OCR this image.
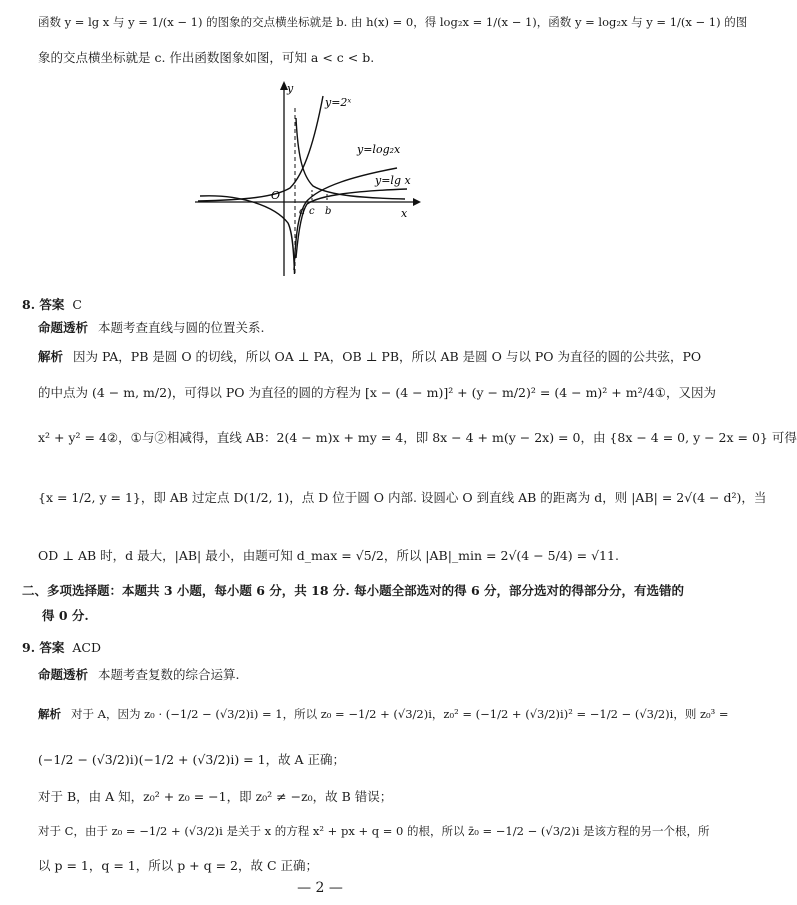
函数 y = lg x 与 y = 1/(x − 1) 的图象的交点横坐标就是 b. 由 h(x) = 0，得 log₂x = 1/(x − 1)，函数 y = log₂x 与 y = 1/(x − 1) 的图
象的交点横坐标就是 c. 作出函数图象如图，可知 a < c < b.
y
x
O
y=2ˣ
y=log₂x
y=lg x
a c b
8. 答案 C
命题透析 本题考查直线与圆的位置关系.
解析 因为 PA，PB 是圆 O 的切线，所以 OA ⊥ PA，OB ⊥ PB，所以 AB 是圆 O 与以 PO 为直径的圆的公共弦，PO
的中点为 (4 − m, m/2)，可得以 PO 为直径的圆的方程为 [x − (4 − m)]² + (y − m/2)² = (4 − m)² + m²/4①，又因为
x² + y² = 4②，①与②相减得，直线 AB：2(4 − m)x + my = 4，即 8x − 4 + m(y − 2x) = 0，由 {8x − 4 = 0, y − 2x = 0} 可得
{x = 1/2, y = 1}，即 AB 过定点 D(1/2, 1)，点 D 位于圆 O 内部. 设圆心 O 到直线 AB 的距离为 d，则 |AB| = 2√(4 − d²)，当
OD ⊥ AB 时，d 最大，|AB| 最小，由题可知 d_max = √5/2，所以 |AB|_min = 2√(4 − 5/4) = √11.
二、多项选择题：本题共 3 小题，每小题 6 分，共 18 分. 每小题全部选对的得 6 分，部分选对的得部分分，有选错的
得 0 分.
9. 答案 ACD
命题透析 本题考查复数的综合运算.
解析 对于 A，因为 z₀ · (−1/2 − (√3/2)i) = 1，所以 z₀ = −1/2 + (√3/2)i，z₀² = (−1/2 + (√3/2)i)² = −1/2 − (√3/2)i，则 z₀³ =
(−1/2 − (√3/2)i)(−1/2 + (√3/2)i) = 1，故 A 正确；
对于 B，由 A 知，z₀² + z₀ = −1，即 z₀² ≠ −z₀，故 B 错误；
对于 C，由于 z₀ = −1/2 + (√3/2)i 是关于 x 的方程 x² + px + q = 0 的根，所以 z̄₀ = −1/2 − (√3/2)i 是该方程的另一个根，所
以 p = 1，q = 1，所以 p + q = 2，故 C 正确；
— 2 —
